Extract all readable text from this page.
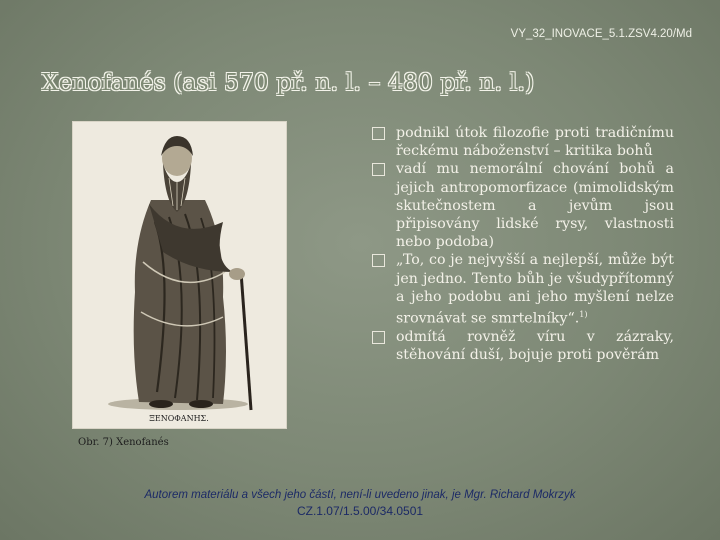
VY_32_INOVACE_5.1.ZSV4.20/Md
Xenofanés (asi 570 př. n. l. – 480 př. n. l.)
ΞΕΝΟΦΑΝΗΣ.
Obr. 7) Xenofanés
podnikl útok filozofie proti tradičnímu řeckému náboženství – kritika bohů
vadí mu nemorální chování bohů a jejich antropomorfizace (mimolidským skutečnostem a jevům jsou připisovány lidské rysy, vlastnosti nebo podoba)
„To, co je nejvyšší a nejlepší, může být jen jedno. Tento bůh je všudypřítomný a jeho podobu ani jeho myšlení nelze srovnávat se smrtelníky“.$^{1)}$
odmítá rovněž víru v zázraky, stěhování duší, bojuje proti pověrám
Autorem materiálu a všech jeho částí, není-li uvedeno jinak, je Mgr. Richard Mokrzyk
CZ.1.07/1.5.00/34.0501
